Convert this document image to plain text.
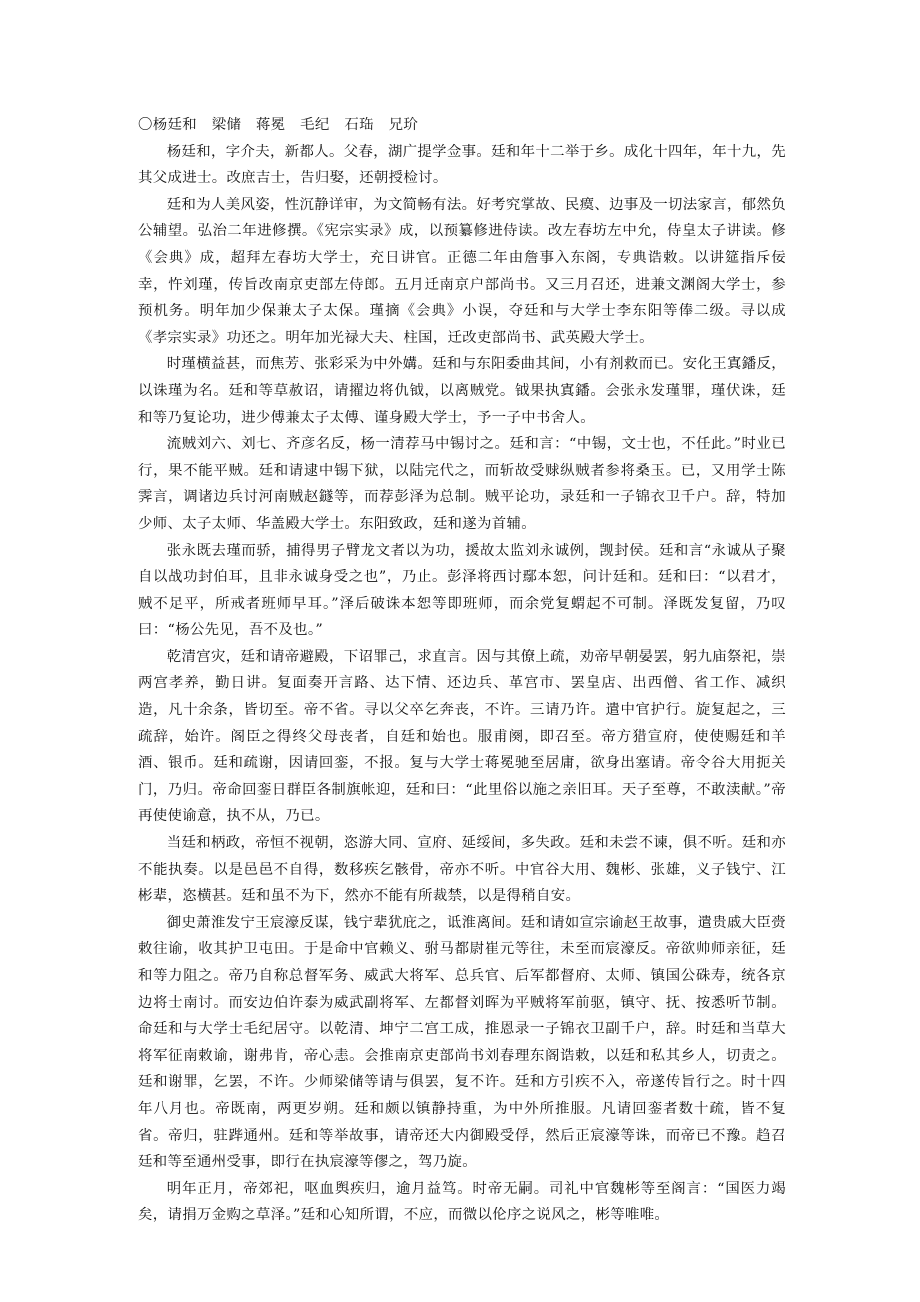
〇杨廷和　梁储　蒋冕　毛纪　石珤　兄玠

杨廷和，字介夫，新都人。父春，湖广提学佥事。廷和年十二举于乡。成化十四年，年十九，先其父成进士。改庶吉士，告归娶，还朝授检讨。

廷和为人美风姿，性沉静详审，为文简畅有法。好考究掌故、民瘼、边事及一切法家言，郁然负公辅望。弘治二年进修撰。《宪宗实录》成，以预纂修进侍读。改左春坊左中允，侍皇太子讲读。修《会典》成，超拜左春坊大学士，充日讲官。正德二年由詹事入东阁，专典诰敕。以讲筵指斥佞幸，忤刘瑾，传旨改南京吏部左侍郎。五月迁南京户部尚书。又三月召还，进兼文渊阁大学士，参预机务。明年加少保兼太子太保。瑾摘《会典》小误，夺廷和与大学士李东阳等俸二级。寻以成《孝宗实录》功还之。明年加光禄大夫、柱国，迁改吏部尚书、武英殿大学士。

时瑾横益甚，而焦芳、张彩采为中外媾。廷和与东阳委曲其间，小有剂救而已。安化王寘鐇反，以诛瑾为名。廷和等草赦诏，请擢边将仇钺，以离贼党。钺果执寘鐇。会张永发瑾罪，瑾伏诛，廷和等乃复论功，进少傅兼太子太傅、谨身殿大学士，予一子中书舍人。

流贼刘六、刘七、齐彦名反，杨一清荐马中锡讨之。廷和言：“中锡，文士也，不任此。”时业已行，果不能平贼。廷和请逮中锡下狱，以陆完代之，而斩故受赇纵贼者参将桑玉。已，又用学士陈霁言，调诸边兵讨河南贼赵鐩等，而荐彭泽为总制。贼平论功，录廷和一子锦衣卫千户。辞，特加少师、太子太师、华盖殿大学士。东阳致政，廷和遂为首辅。

张永既去瑾而骄，捕得男子臂龙文者以为功，援故太监刘永诚例，觊封侯。廷和言“永诚从子聚自以战功封伯耳，且非永诚身受之也”，乃止。彭泽将西讨鄢本恕，问计廷和。廷和曰：“以君才，贼不足平，所戒者班师早耳。”泽后破诛本恕等即班师，而余党复蝟起不可制。泽既发复留，乃叹曰：“杨公先见，吾不及也。”

乾清宫灾，廷和请帝避殿，下诏罪己，求直言。因与其僚上疏，劝帝早朝晏罢，躬九庙祭祀，崇两宫孝养，勤日讲。复面奏开言路、达下情、还边兵、革宫市、罢皇店、出西僧、省工作、减织造，凡十余条，皆切至。帝不省。寻以父卒乞奔丧，不许。三请乃许。遣中官护行。旋复起之，三疏辞，始许。阁臣之得终父母丧者，自廷和始也。服甫阕，即召至。帝方猎宣府，使使赐廷和羊酒、银币。廷和疏谢，因请回銮，不报。复与大学士蒋冕驰至居庸，欲身出塞请。帝令谷大用扼关门，乃归。帝命回銮日群臣各制旗帐迎，廷和曰：“此里俗以施之亲旧耳。天子至尊，不敢渎献。”帝再使使谕意，执不从，乃已。

当廷和柄政，帝恒不视朝，恣游大同、宣府、延绥间，多失政。廷和未尝不谏，俱不听。廷和亦不能执奏。以是邑邑不自得，数移疾乞骸骨，帝亦不听。中官谷大用、魏彬、张雄，义子钱宁、江彬辈，恣横甚。廷和虽不为下，然亦不能有所裁禁，以是得稍自安。

御史萧淮发宁王宸濠反谋，钱宁辈犹庇之，诋淮离间。廷和请如宣宗谕赵王故事，遣贵戚大臣赍敕往谕，收其护卫屯田。于是命中官赖义、驸马都尉崔元等往，未至而宸濠反。帝欲帅师亲征，廷和等力阻之。帝乃自称总督军务、威武大将军、总兵官、后军都督府、太师、镇国公硃寿，统各京边将士南讨。而安边伯许泰为威武副将军、左都督刘晖为平贼将军前驱，镇守、抚、按悉听节制。命廷和与大学士毛纪居守。以乾清、坤宁二宫工成，推恩录一子锦衣卫副千户，辞。时廷和当草大将军征南敕谕，谢弗肯，帝心恚。会推南京吏部尚书刘春理东阁诰敕，以廷和私其乡人，切责之。廷和谢罪，乞罢，不许。少师梁储等请与俱罢，复不许。廷和方引疾不入，帝遂传旨行之。时十四年八月也。帝既南，两更岁朔。廷和颇以镇静持重，为中外所推服。凡请回銮者数十疏，皆不复省。帝归，驻跸通州。廷和等举故事，请帝还大内御殿受俘，然后正宸濠等诛，而帝已不豫。趋召廷和等至通州受事，即行在执宸濠等僇之，驾乃旋。

明年正月，帝郊祀，呕血舆疾归，逾月益笃。时帝无嗣。司礼中官魏彬等至阁言：“国医力竭矣，请捐万金购之草泽。”廷和心知所谓，不应，而微以伦序之说风之，彬等唯唯。
